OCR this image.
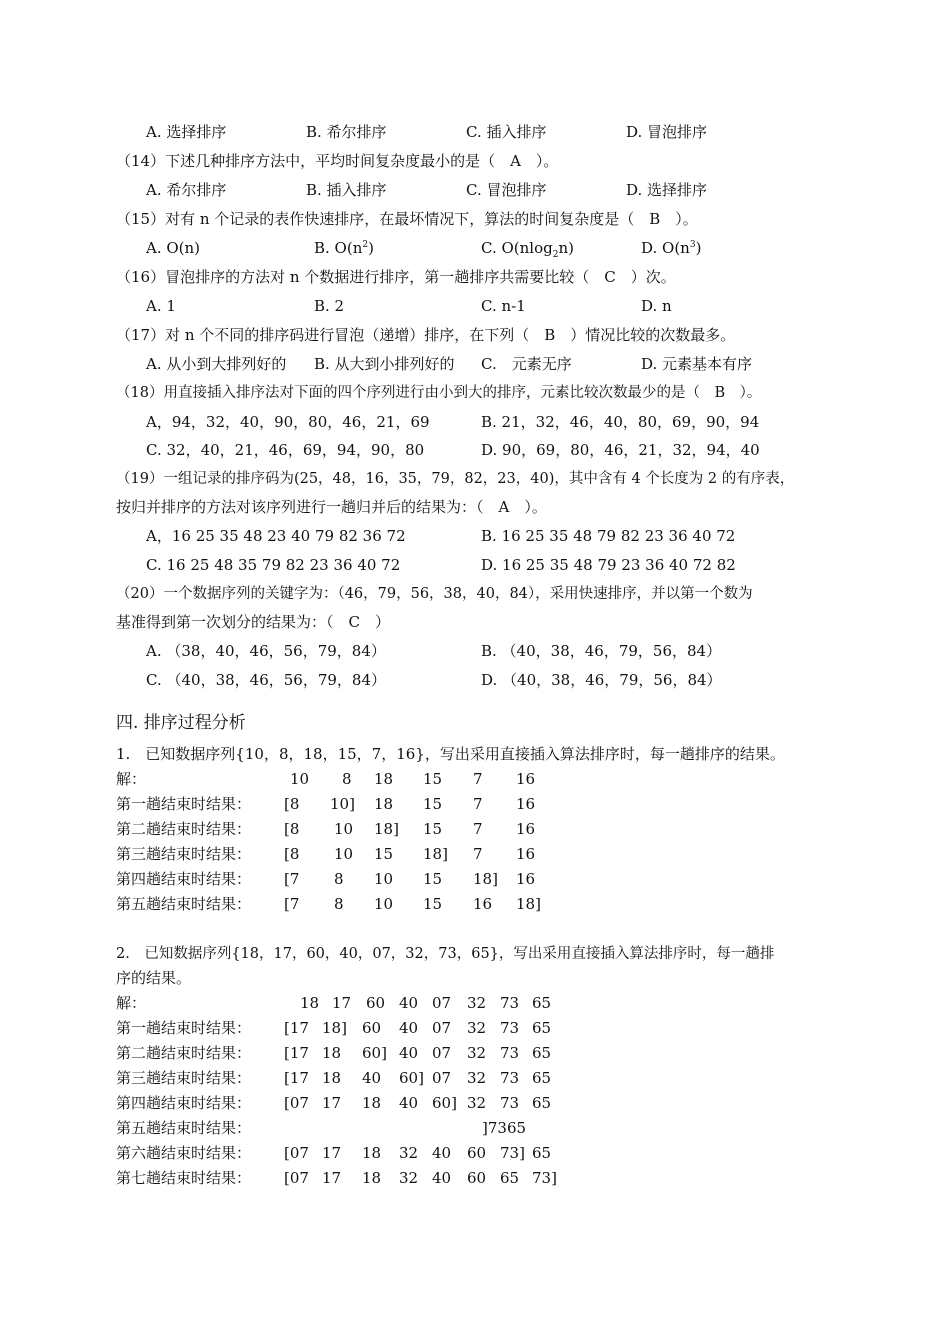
A. 选择排序	B. 希尔排序	C. 插入排序	D. 冒泡排序
（14）下述几种排序方法中，平均时间复杂度最小的是（　A　）。
A. 希尔排序	B. 插入排序	C. 冒泡排序	D. 选择排序
（15）对有 n 个记录的表作快速排序，在最坏情况下，算法的时间复杂度是（　B　）。
A. O(n)	B. $O(n^2)$	C. O(nlog$_2$n)	D. $O(n^3)$
（16）冒泡排序的方法对 n 个数据进行排序，第一趟排序共需要比较（　C　）次。
A. 1	B. 2	C. n-1	D. n
（17）对 n 个不同的排序码进行冒泡（递增）排序，在下列（　B　）情况比较的次数最多。
A. 从小到大排列好的 B. 从大到小排列好的 C.　元素无序	D. 元素基本有序
（18）用直接插入排序法对下面的四个序列进行由小到大的排序，元素比较次数最少的是（　B　）。
A，94，32，40，90，80，46，21，69	B. 21，32，46，40，80，69，90，94
C. 32，40，21，46，69，94，90，80	D. 90，69，80，46，21，32，94，40
（19）一组记录的排序码为(25，48，16，35，79，82，23，40)，其中含有 4 个长度为 2 的有序表，
按归并排序的方法对该序列进行一趟归并后的结果为：（　A　）。
A，16 25 35 48 23 40 79 82 36 72	B. 16 25 35 48 79 82 23 36 40 72
C. 16 25 48 35 79 82 23 36 40 72	D. 16 25 35 48 79 23 36 40 72 82
（20）一个数据序列的关键字为：（46，79，56，38，40，84），采用快速排序，并以第一个数为
基准得到第一次划分的结果为：（　C　）
A. （38，40，46，56，79，84）	B. （40，38，46，79，56，84）
C. （40，38，46，56，79，84）	D. （40，38，46，79，56，84）
四. 排序过程分析
1.　已知数据序列{10，8，18，15，7，16}，写出采用直接插入算法排序时，每一趟排序的结果。
解：	10 8 18 15 7 16
第一趟结束时结果： [8 10] 18 15 7 16
第二趟结束时结果： [8 10 18] 15 7 16
第三趟结束时结果： [8 10 15 18] 7 16
第四趟结束时结果： [7 8 10 15 18] 16
第五趟结束时结果： [7 8 10 15 16 18]
2.　已知数据序列{18，17，60，40，07，32，73，65}，写出采用直接插入算法排序时，每一趟排
序的结果。
解：	18 17 60 40 07 32 73 65
第一趟结束时结果： [17 18] 60 40 07 32 73 65
第二趟结束时结果： [17 18 60] 40 07 32 73 65
第三趟结束时结果： [17 18 40 60] 07 32 73 65
第四趟结束时结果： [07 17 18 40 60] 32 73 65
第五趟结束时结果：	]7365
第六趟结束时结果： [07 17 18 32 40 60 73] 65
第七趟结束时结果： [07 17 18 32 40 60 65 73]
